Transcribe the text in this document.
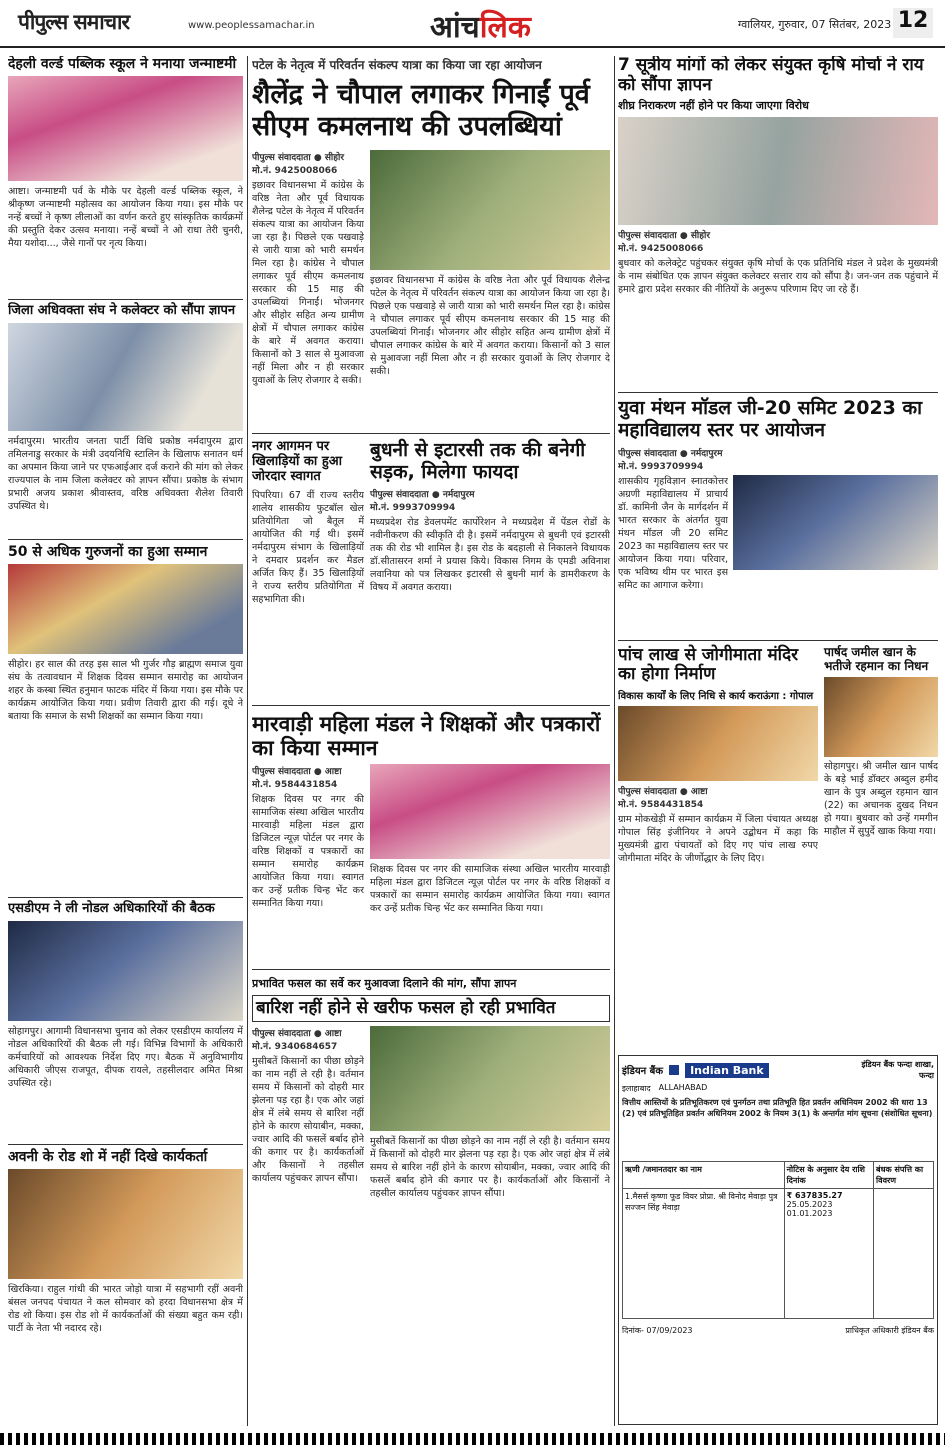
पीपुल्स समाचार	www.peoplessamachar.in	आंचलिक	ग्वालियर, गुरुवार, 07 सितंबर, 2023 12
देहली वर्ल्ड पब्लिक स्कूल ने मनाया जन्माष्टमी
आष्टा। जन्माष्टमी पर्व के मौके पर देहली वर्ल्ड पब्लिक स्कूल, ने श्रीकृष्ण जन्माष्टमी महोत्सव का आयोजन किया गया। इस मौके पर नन्हें बच्चों ने कृष्ण लीलाओं का वर्णन करते हुए सांस्कृतिक कार्यक्रमों की प्रस्तुति देकर उत्सव मनाया। नन्हें बच्चों ने ओ राधा तेरी चुनरी, मैया यशोदा..., जैसे गानों पर नृत्य किया।
जिला अधिवक्ता संघ ने कलेक्टर को सौंपा ज्ञापन
नर्मदापुरम। भारतीय जनता पार्टी विधि प्रकोष्ठ नर्मदापुरम द्वारा तमिलनाडु सरकार के मंत्री उदयनिधि स्टालिन के खिलाफ सनातन धर्म का अपमान किया जाने पर एफआईआर दर्ज कराने की मांग को लेकर राज्यपाल के नाम जिला कलेक्टर को ज्ञापन सौंपा। प्रकोष्ठ के संभाग प्रभारी अजय प्रकाश श्रीवास्तव, वरिष्ठ अधिवक्ता शैलेश तिवारी उपस्थित थे।
50 से अधिक गुरुजनों का हुआ सम्मान
सीहोर। हर साल की तरह इस साल भी गुर्जर गौड़ ब्राह्मण समाज युवा संघ के तत्वावधान में शिक्षक दिवस सम्मान समारोह का आयोजन शहर के कस्बा स्थित हनुमान फाटक मंदिर में किया गया। इस मौके पर कार्यक्रम आयोजित किया गया। प्रवीण तिवारी द्वारा की गई। दूधे ने बताया कि समाज के सभी शिक्षकों का सम्मान किया गया।
एसडीएम ने ली नोडल अधिकारियों की बैठक
सोहागपुर। आगामी विधानसभा चुनाव को लेकर एसडीएम कार्यालय में नोडल अधिकारियों की बैठक ली गई। विभिन्न विभागों के अधिकारी कर्मचारियों को आवश्यक निर्देश दिए गए। बैठक में अनुविभागीय अधिकारी जीएस राजपूत, दीपक रायले, तहसीलदार अमित मिश्रा उपस्थित रहे।
अवनी के रोड शो में नहीं दिखे कार्यकर्ता
खिरकिया। राहुल गांधी की भारत जोड़ो यात्रा में सहभागी रहीं अवनी बंसल जनपद पंचायत ने कल सोमवार को हरदा विधानसभा क्षेत्र में रोड शो किया। इस रोड शो में कार्यकर्ताओं की संख्या बहुत कम रही। पार्टी के नेता भी नदारद रहे।
पटेल के नेतृत्व में परिवर्तन संकल्प यात्रा का किया जा रहा आयोजन
शैलेंद्र ने चौपाल लगाकर गिनाईं पूर्व सीएम कमलनाथ की उपलब्धियां
पीपुल्स संवाददाता ● सीहोर
मो.नं. 9425008066
इछावर विधानसभा में कांग्रेस के वरिष्ठ नेता और पूर्व विधायक शैलेन्द्र पटेल के नेतृत्व में परिवर्तन संकल्प यात्रा का आयोजन किया जा रहा है। पिछले एक पखवाड़े से जारी यात्रा को भारी समर्थन मिल रहा है। कांग्रेस ने चौपाल लगाकर पूर्व सीएम कमलनाथ सरकार की 15 माह की उपलब्धियां गिनाईं। भोजनगर और सीहोर सहित अन्य ग्रामीण क्षेत्रों में चौपाल लगाकर कांग्रेस के बारे में अवगत कराया। किसानों को 3 साल से मुआवजा नहीं मिला और न ही सरकार युवाओं के लिए रोजगार दे सकी।
इछावर विधानसभा में कांग्रेस के वरिष्ठ नेता और पूर्व विधायक शैलेन्द्र पटेल के नेतृत्व में परिवर्तन संकल्प यात्रा का आयोजन किया जा रहा है। पिछले एक पखवाड़े से जारी यात्रा को भारी समर्थन मिल रहा है। कांग्रेस ने चौपाल लगाकर पूर्व सीएम कमलनाथ सरकार की 15 माह की उपलब्धियां गिनाईं। भोजनगर और सीहोर सहित अन्य ग्रामीण क्षेत्रों में चौपाल लगाकर कांग्रेस के बारे में अवगत कराया। किसानों को 3 साल से मुआवजा नहीं मिला और न ही सरकार युवाओं के लिए रोजगार दे सकी।
नगर आगमन पर खिलाड़ियों का हुआ जोरदार स्वागत
पिपरिया। 67 वीं राज्य स्तरीय शालेय शासकीय फुटबॉल खेल प्रतियोगिता जो बैतूल में आयोजित की गई थी। इसमें नर्मदापुरम संभाग के खिलाड़ियों ने दमदार प्रदर्शन कर मैडल अर्जित किए हैं। 35 खिलाड़ियों ने राज्य स्तरीय प्रतियोगिता में सहभागिता की।
बुधनी से इटारसी तक की बनेगी सड़क, मिलेगा फायदा
पीपुल्स संवाददाता ● नर्मदापुरम
मो.नं. 9993709994
मध्यप्रदेश रोड डेवलपमेंट कार्पोरेशन ने मध्यप्रदेश में पेंडल रोडों के नवीनीकरण की स्वीकृति दी है। इसमें नर्मदापुरम से बुधनी एवं इटारसी तक की रोड भी शामिल है। इस रोड के बदहाली से निकालने विधायक डॉ.सीतासरन शर्मा ने प्रयास किये। विकास निगम के एमडी अविनाश लवानिया को पत्र लिखकर इटारसी से बुधनी मार्ग के डामरीकरण के विषय में अवगत कराया।
मारवाड़ी महिला मंडल ने शिक्षकों और पत्रकारों का किया सम्मान
पीपुल्स संवाददाता ● आष्टा
मो.नं. 9584431854
शिक्षक दिवस पर नगर की सामाजिक संस्था अखिल भारतीय मारवाड़ी महिला मंडल द्वारा डिजिटल न्यूज़ पोर्टल पर नगर के वरिष्ठ शिक्षकों व पत्रकारों का सम्मान समारोह कार्यक्रम आयोजित किया गया। स्वागत कर उन्हें प्रतीक चिन्ह भेंट कर सम्मानित किया गया।
शिक्षक दिवस पर नगर की सामाजिक संस्था अखिल भारतीय मारवाड़ी महिला मंडल द्वारा डिजिटल न्यूज़ पोर्टल पर नगर के वरिष्ठ शिक्षकों व पत्रकारों का सम्मान समारोह कार्यक्रम आयोजित किया गया। स्वागत कर उन्हें प्रतीक चिन्ह भेंट कर सम्मानित किया गया।
प्रभावित फसल का सर्वे कर मुआवजा दिलाने की मांग, सौंपा ज्ञापन
बारिश नहीं होने से खरीफ फसल हो रही प्रभावित
पीपुल्स संवाददाता ● आष्टा
मो.नं. 9340684657
मुसीबतें किसानों का पीछा छोड़ने का नाम नहीं ले रही है। वर्तमान समय में किसानों को दोहरी मार झेलना पड़ रहा है। एक ओर जहां क्षेत्र में लंबे समय से बारिश नहीं होने के कारण सोयाबीन, मक्का, ज्वार आदि की फसलें बर्बाद होने की कगार पर है। कार्यकर्ताओं और किसानों ने तहसील कार्यालय पहुंचकर ज्ञापन सौंपा।
मुसीबतें किसानों का पीछा छोड़ने का नाम नहीं ले रही है। वर्तमान समय में किसानों को दोहरी मार झेलना पड़ रहा है। एक ओर जहां क्षेत्र में लंबे समय से बारिश नहीं होने के कारण सोयाबीन, मक्का, ज्वार आदि की फसलें बर्बाद होने की कगार पर है। कार्यकर्ताओं और किसानों ने तहसील कार्यालय पहुंचकर ज्ञापन सौंपा।
7 सूत्रीय मांगों को लेकर संयुक्त कृषि मोर्चा ने राय को सौंपा ज्ञापन
शीघ्र निराकरण नहीं होने पर किया जाएगा विरोध
पीपुल्स संवाददाता ● सीहोर
मो.नं. 9425008066
बुधवार को कलेक्ट्रेट पहुंचकर संयुक्त कृषि मोर्चा के एक प्रतिनिधि मंडल ने प्रदेश के मुख्यमंत्री के नाम संबोधित एक ज्ञापन संयुक्त कलेक्टर सत्तार राय को सौंपा है। जन-जन तक पहुंचाने में हमारे द्वारा प्रदेश सरकार की नीतियों के अनुरूप परिणाम दिए जा रहे हैं।
युवा मंथन मॉडल जी-20 समिट 2023 का महाविद्यालय स्तर पर आयोजन
पीपुल्स संवाददाता ● नर्मदापुरम
मो.नं. 9993709994
शासकीय गृहविज्ञान स्नातकोत्तर अग्रणी महाविद्यालय में प्राचार्य डॉ. कामिनी जैन के मार्गदर्शन में भारत सरकार के अंतर्गत युवा मंथन मॉडल जी 20 समिट 2023 का महाविद्यालय स्तर पर आयोजन किया गया। परिवार, एक भविष्य थीम पर भारत इस समिट का आगाज करेगा।
पांच लाख से जोगीमाता मंदिर का होगा निर्माण
विकास कार्यों के लिए निधि से कार्य कराऊंगा : गोपाल
पीपुल्स संवाददाता ● आष्टा
मो.नं. 9584431854
ग्राम मोकखेड़ी में सम्मान कार्यक्रम में जिला पंचायत अध्यक्ष गोपाल सिंह इंजीनियर ने अपने उद्बोधन में कहा कि मुख्यमंत्री द्वारा पंचायतों को दिए गए पांच लाख रुपए जोगीमाता मंदिर के जीर्णोद्धार के लिए दिए।
पार्षद जमील खान के भतीजे रहमान का निधन
सोहागपुर। श्री जमील खान पार्षद के बड़े भाई डॉक्टर अब्दुल हमीद खान के पुत्र अब्दुल रहमान खान (22) का अचानक दुखद निधन हो गया। बुधवार को उन्हें गमगीन माहौल में सुपुर्दे खाक किया गया।
इंडियन बैंक	Indian Bank	इंडियन बैंक फन्दा शाखा, फन्दा
इलाहाबाद ALLAHABAD
वित्तीय आस्तियों के प्रतिभूतिकरण एवं पुनर्गठन तथा प्रतिभूति हित प्रवर्तन अधिनियम 2002 की धारा 13 (2) एवं प्रतिभूतिहित प्रवर्तन अधिनियम 2002 के नियम 3(1) के अन्तर्गत मांग सूचना (संशोधित सूचना)
ऋणी /जमानतदार का नाम	नोटिस के अनुसार देय राशि दिनांक	बंधक संपत्ति का विवरण
1.मैसर्स कृष्णा फूड वियर प्रोप्रा. श्री विनोद मेवाड़ा पुत्र सज्जन सिंह मेवाड़ा	₹ 637835.27
25.05.2023
01.01.2023	

दिनांक- 07/09/2023	प्राधिकृत अधिकारी इंडियन बैंक
